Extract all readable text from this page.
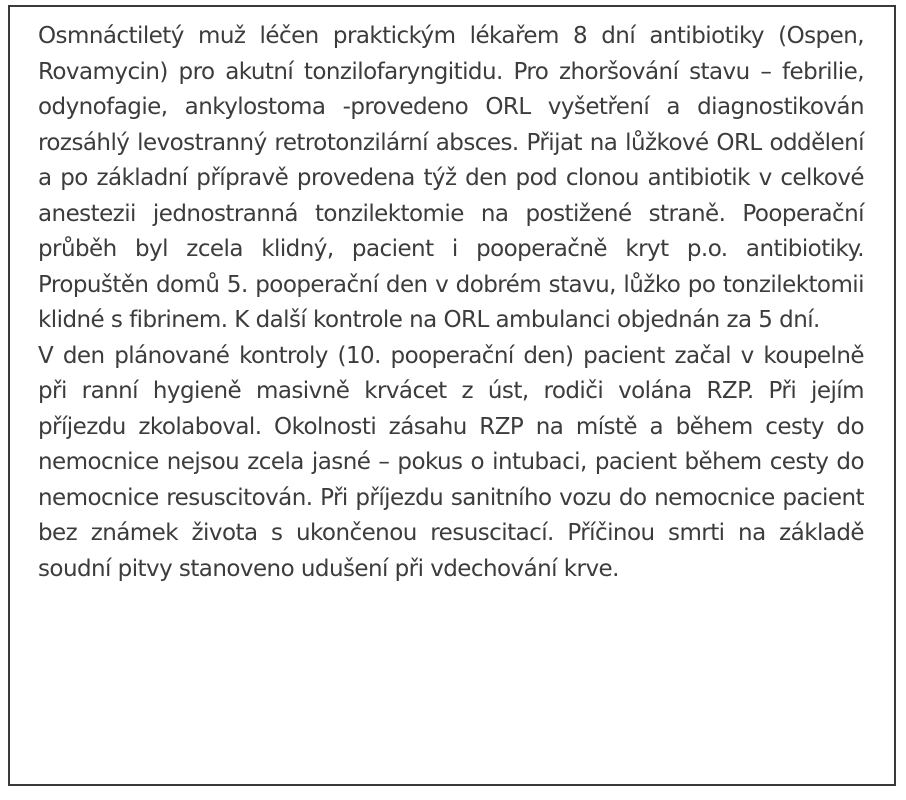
Osmnáctiletý muž léčen praktickým lékařem 8 dní antibiotiky (Ospen, Rovamycin) pro akutní tonzilofaryngitidu. Pro zhoršování stavu – febrilie, odynofagie, ankylostoma -provedeno ORL vyšetření a diagnostikován rozsáhlý levostranný retrotonzilární absces. Přijat na lůžkové ORL oddělení a po základní přípravě provedena týž den pod clonou antibiotik v celkové anestezii jednostranná tonzilektomie na postižené straně. Pooperační průběh byl zcela klidný, pacient i pooperačně kryt p.o. antibiotiky. Propuštěn domů 5. pooperační den v dobrém stavu, lůžko po tonzilektomii klidné s fibrinem. K další kontrole na ORL ambulanci objednán za 5 dní.

V den plánované kontroly (10. pooperační den) pacient začal v koupelně při ranní hygieně masivně krvácet z úst, rodiči volána RZP. Při jejím příjezdu zkolaboval. Okolnosti zásahu RZP na místě a během cesty do nemocnice nejsou zcela jasné – pokus o intubaci, pacient během cesty do nemocnice resuscitován. Při příjezdu sanitního vozu do nemocnice pacient bez známek života s ukončenou resuscitací. Příčinou smrti na základě soudní pitvy stanoveno udušení při vdechování krve.
